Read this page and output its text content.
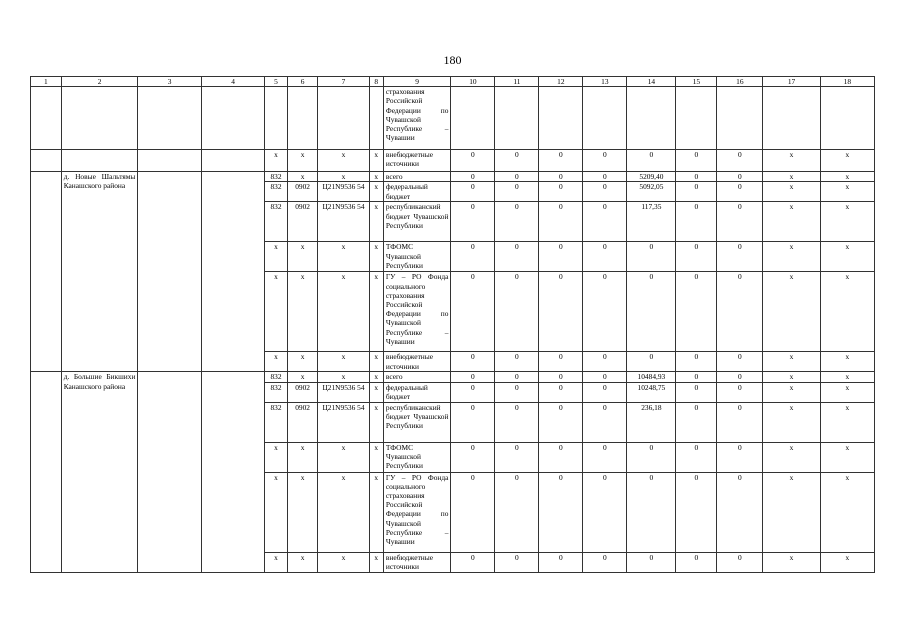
180
1	2	3	4	5	6	7	8	9	10	11	12	13	14	15	16	17	18
								страхования Российской Федерации по Чувашской Республике – Чувашии									
				x	x	x	x	внебюджетные источники	0	0	0	0	0	0	0	x	x
	д. Новые Шальтямы Канашского района			832	x	x	x	всего	0	0	0	0	5209,40	0	0	x	x
				832	0902	Ц21N9536 54	x	федеральный бюджет	0	0	0	0	5092,05	0	0	x	x
				832	0902	Ц21N9536 54	x	республиканский бюджет Чувашской Республики	0	0	0	0	117,35	0	0	x	x
				x	x	x	x	ТФОМС Чувашской Республики	0	0	0	0	0	0	0	x	x
				x	x	x	x	ГУ – РО Фонда социального страхования Российской Федерации по Чувашской Республике – Чувашии	0	0	0	0	0	0	0	x	x
				x	x	x	x	внебюджетные источники	0	0	0	0	0	0	0	x	x
	д. Большие Бикшихи Канашского района			832	x	x	x	всего	0	0	0	0	10484,93	0	0	x	x
				832	0902	Ц21N9536 54	x	федеральный бюджет	0	0	0	0	10248,75	0	0	x	x
				832	0902	Ц21N9536 54	x	республиканский бюджет Чувашской Республики	0	0	0	0	236,18	0	0	x	x
				x	x	x	x	ТФОМС Чувашской Республики	0	0	0	0	0	0	0	x	x
				x	x	x	x	ГУ – РО Фонда социального страхования Российской Федерации по Чувашской Республике – Чувашии	0	0	0	0	0	0	0	x	x
				x	x	x	x	внебюджетные источники	0	0	0	0	0	0	0	x	x
